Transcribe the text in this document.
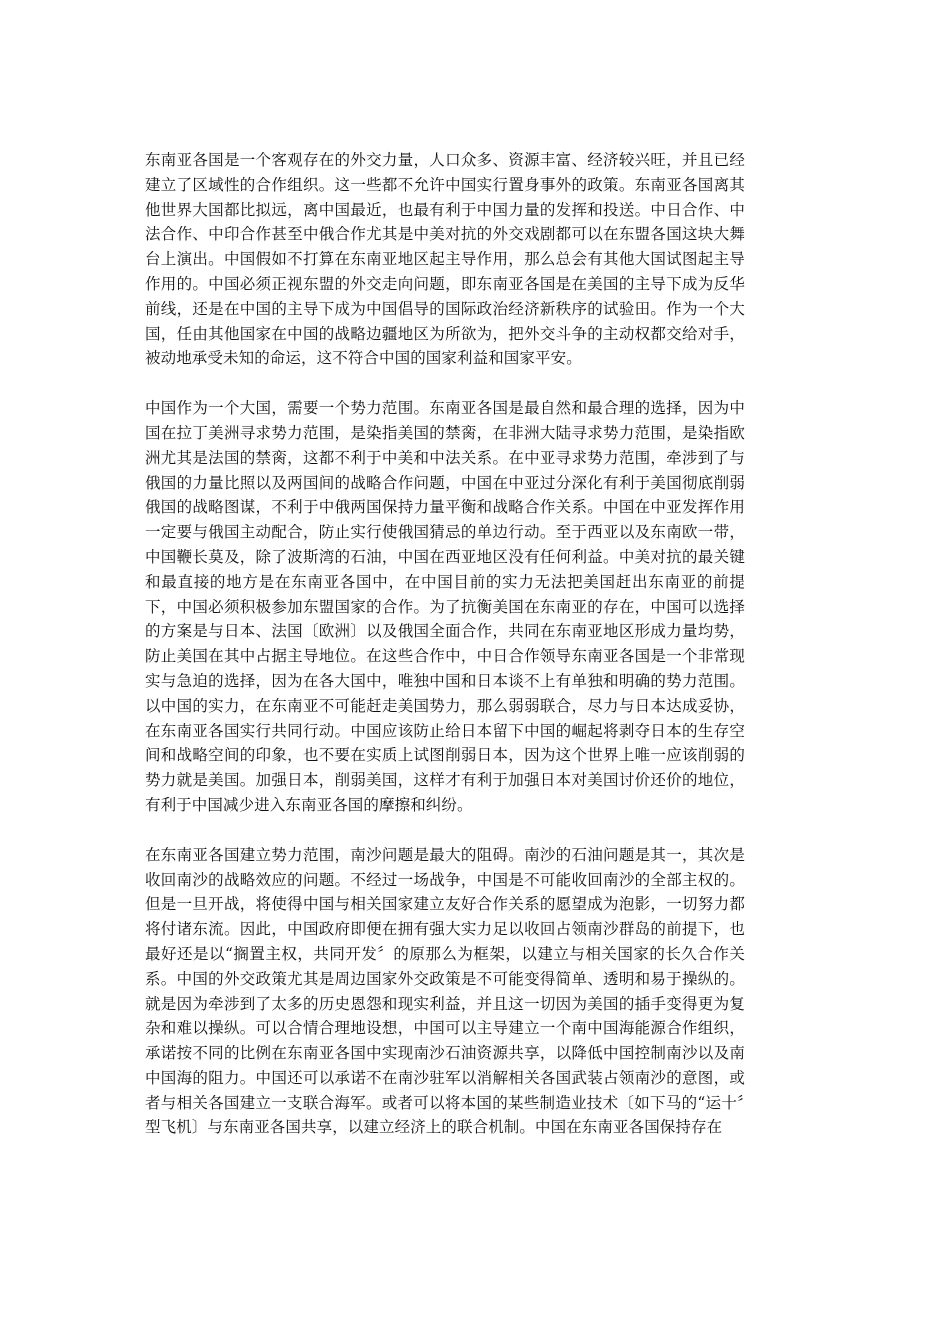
东南亚各国是一个客观存在的外交力量，人口众多、资源丰富、经济较兴旺，并且已经建立了区域性的合作组织。这一些都不允许中国实行置身事外的政策。东南亚各国离其他世界大国都比拟远，离中国最近，也最有利于中国力量的发挥和投送。中日合作、中法合作、中印合作甚至中俄合作尤其是中美对抗的外交戏剧都可以在东盟各国这块大舞台上演出。中国假如不打算在东南亚地区起主导作用，那么总会有其他大国试图起主导作用的。中国必须正视东盟的外交走向问题，即东南亚各国是在美国的主导下成为反华前线，还是在中国的主导下成为中国倡导的国际政治经济新秩序的试验田。作为一个大国，任由其他国家在中国的战略边疆地区为所欲为，把外交斗争的主动权都交给对手，被动地承受未知的命运，这不符合中国的国家利益和国家平安。

中国作为一个大国，需要一个势力范围。东南亚各国是最自然和最合理的选择，因为中国在拉丁美洲寻求势力范围，是染指美国的禁脔，在非洲大陆寻求势力范围，是染指欧洲尤其是法国的禁脔，这都不利于中美和中法关系。在中亚寻求势力范围，牵涉到了与俄国的力量比照以及两国间的战略合作问题，中国在中亚过分深化有利于美国彻底削弱俄国的战略图谋，不利于中俄两国保持力量平衡和战略合作关系。中国在中亚发挥作用一定要与俄国主动配合，防止实行使俄国猜忌的单边行动。至于西亚以及东南欧一带，中国鞭长莫及，除了波斯湾的石油，中国在西亚地区没有任何利益。中美对抗的最关键和最直接的地方是在东南亚各国中，在中国目前的实力无法把美国赶出东南亚的前提下，中国必须积极参加东盟国家的合作。为了抗衡美国在东南亚的存在，中国可以选择的方案是与日本、法国〔欧洲〕以及俄国全面合作，共同在东南亚地区形成力量均势，防止美国在其中占据主导地位。在这些合作中，中日合作领导东南亚各国是一个非常现实与急迫的选择，因为在各大国中，唯独中国和日本谈不上有单独和明确的势力范围。以中国的实力，在东南亚不可能赶走美国势力，那么弱弱联合，尽力与日本达成妥协，在东南亚各国实行共同行动。中国应该防止给日本留下中国的崛起将剥夺日本的生存空间和战略空间的印象，也不要在实质上试图削弱日本，因为这个世界上唯一应该削弱的势力就是美国。加强日本，削弱美国，这样才有利于加强日本对美国讨价还价的地位，有利于中国减少进入东南亚各国的摩擦和纠纷。

在东南亚各国建立势力范围，南沙问题是最大的阻碍。南沙的石油问题是其一，其次是收回南沙的战略效应的问题。不经过一场战争，中国是不可能收回南沙的全部主权的。但是一旦开战，将使得中国与相关国家建立友好合作关系的愿望成为泡影，一切努力都将付诸东流。因此，中国政府即便在拥有强大实力足以收回占领南沙群岛的前提下，也最好还是以“搁置主权，共同开发〞的原那么为框架，以建立与相关国家的长久合作关系。中国的外交政策尤其是周边国家外交政策是不可能变得简单、透明和易于操纵的。就是因为牵涉到了太多的历史恩怨和现实利益，并且这一切因为美国的插手变得更为复杂和难以操纵。可以合情合理地设想，中国可以主导建立一个南中国海能源合作组织，承诺按不同的比例在东南亚各国中实现南沙石油资源共享，以降低中国控制南沙以及南中国海的阻力。中国还可以承诺不在南沙驻军以消解相关各国武装占领南沙的意图，或者与相关各国建立一支联合海军。或者可以将本国的某些制造业技术〔如下马的“运十〞型飞机〕与东南亚各国共享，以建立经济上的联合机制。中国在东南亚各国保持存在
